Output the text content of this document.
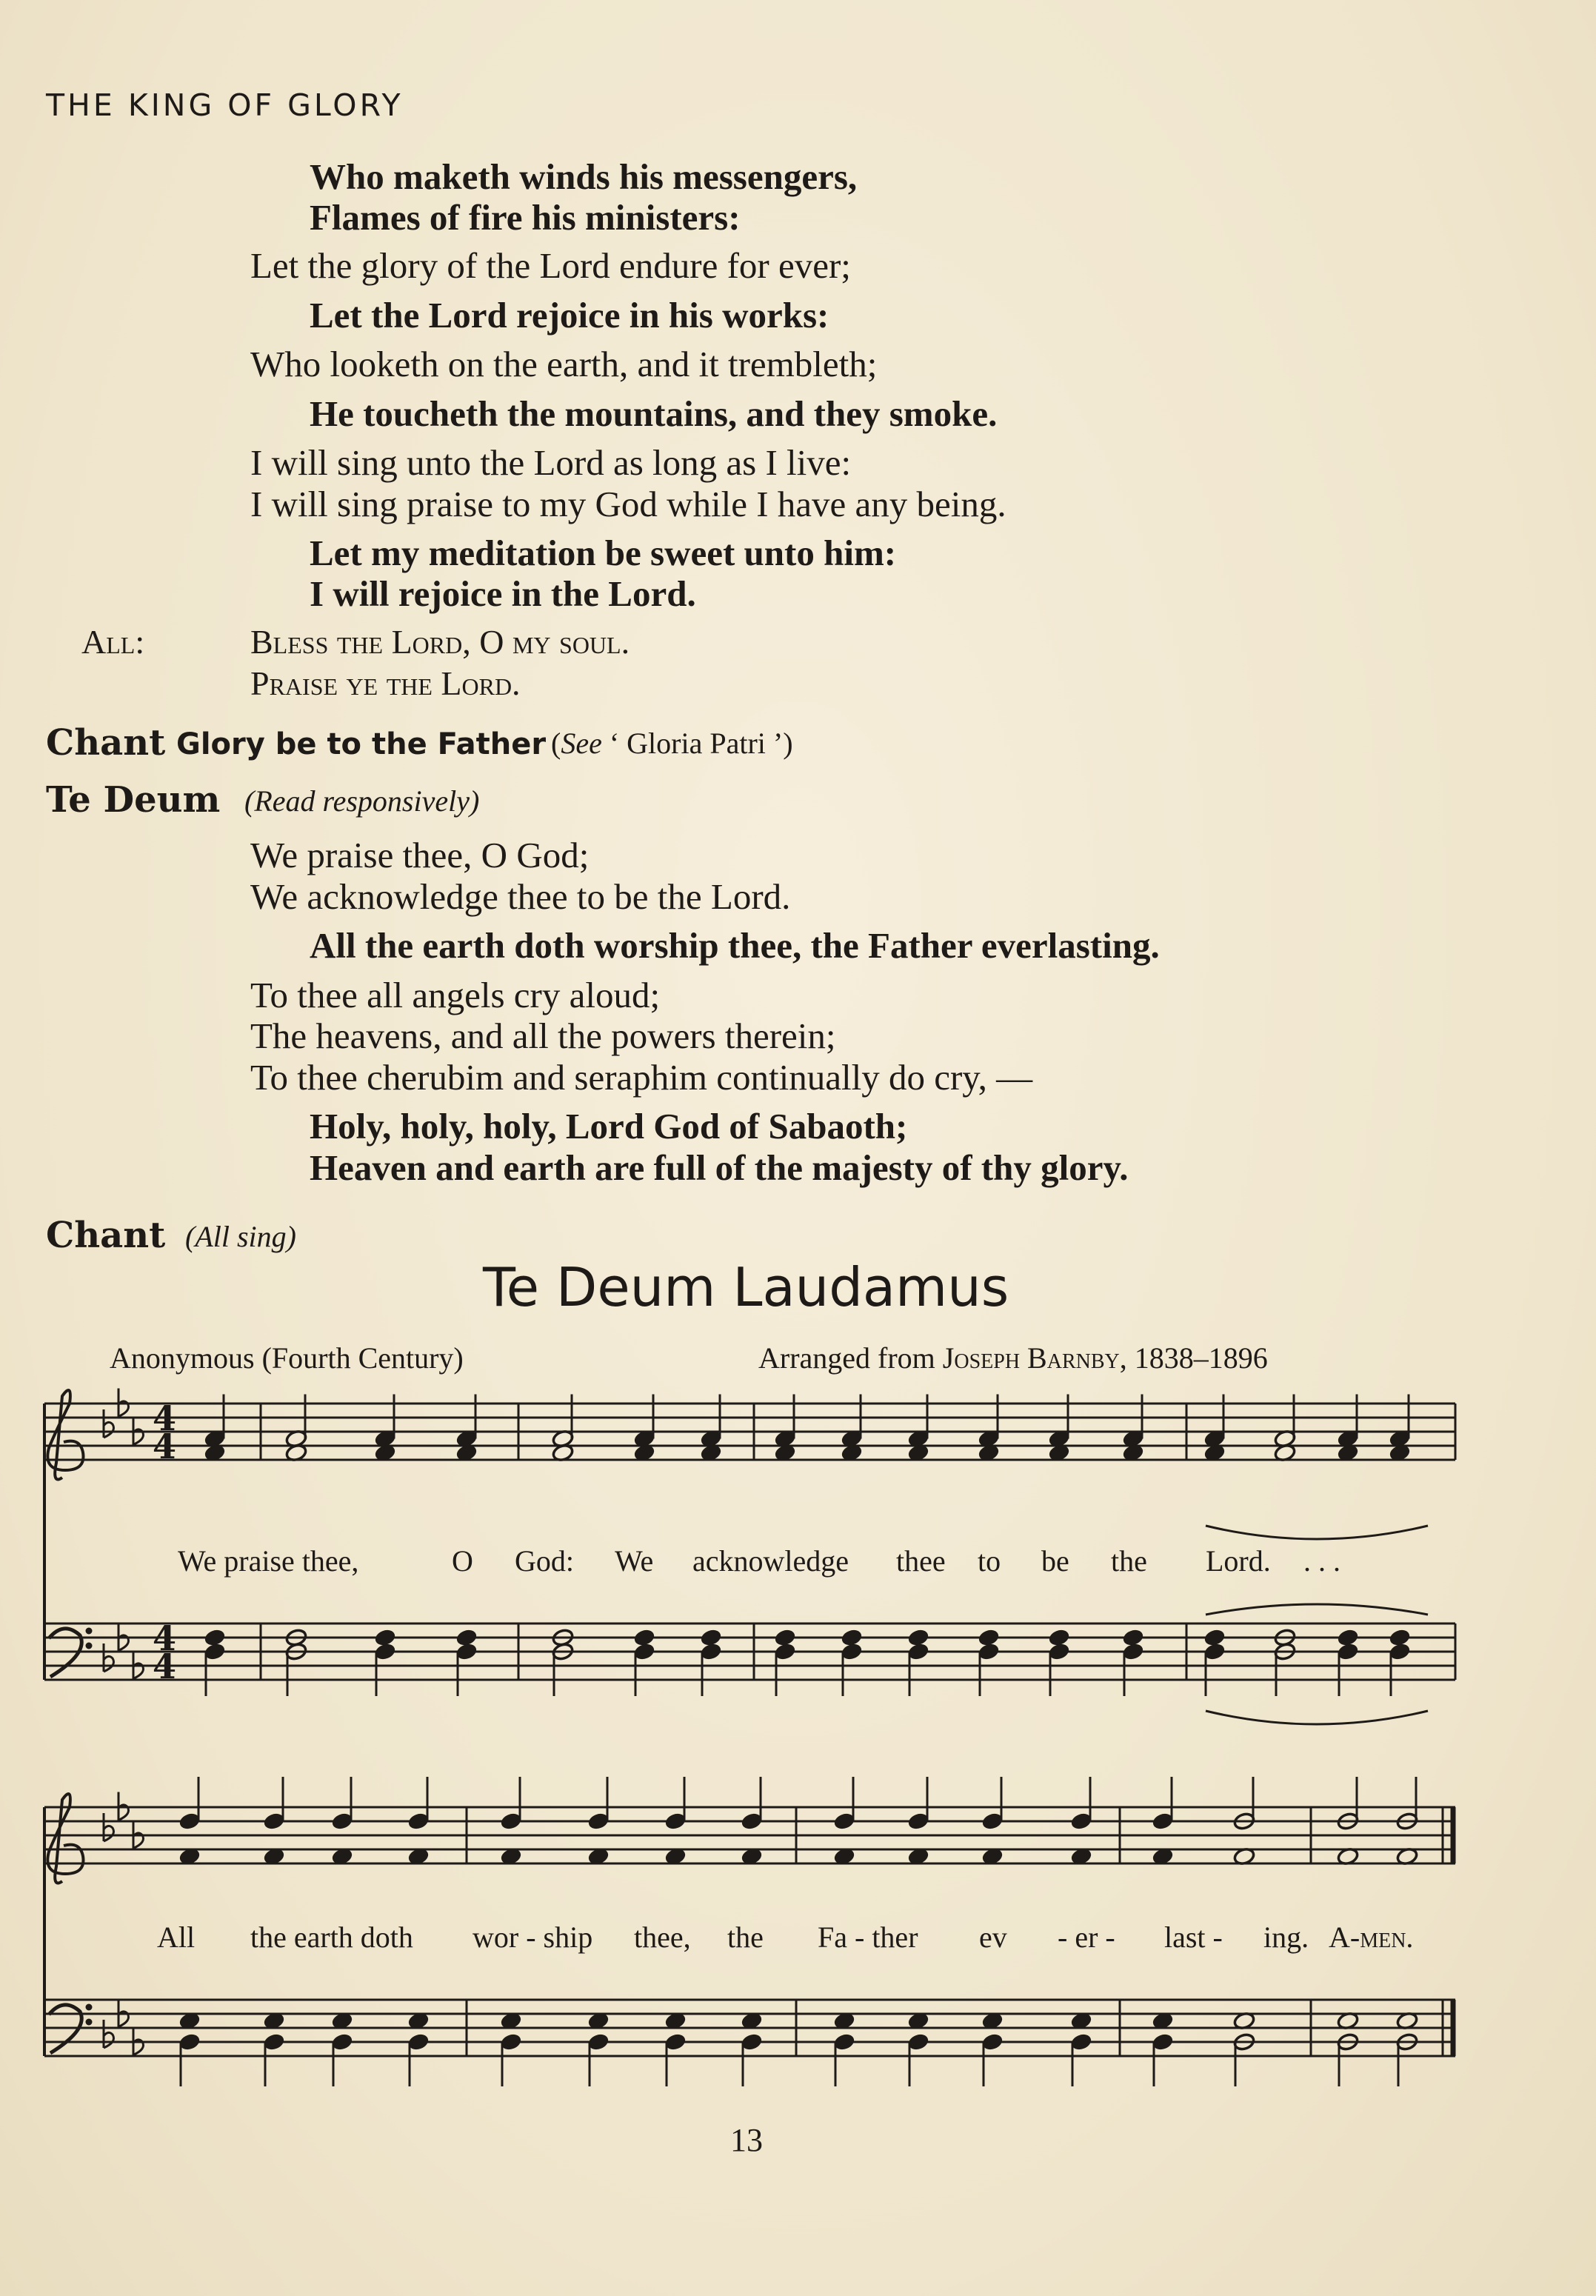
THE KING OF GLORY
Who maketh winds his messengers,
Flames of fire his ministers:
Let the glory of the Lord endure for ever;
Let the Lord rejoice in his works:
Who looketh on the earth, and it trembleth;
He toucheth the mountains, and they smoke.
I will sing unto the Lord as long as I live:
I will sing praise to my God while I have any being.
Let my meditation be sweet unto him:
I will rejoice in the Lord.
All:	Bless the Lord, O my soul.
Praise ye the Lord.
Chant Glory be to the Father (See ‘ Gloria Patri ’)
Te Deum (Read responsively)
We praise thee, O God;
We acknowledge thee to be the Lord.
All the earth doth worship thee, the Father everlasting.
To thee all angels cry aloud;
The heavens, and all the powers therein;
To thee cherubim and seraphim continually do cry, —
Holy, holy, holy, Lord God of Sabaoth;
Heaven and earth are full of the majesty of thy glory.
Chant (All sing)
Te Deum Laudamus
Anonymous (Fourth Century)	Arranged from Joseph Barnby, 1838–1896
4
4
4
4
We praise thee,	O God: We acknowledge thee to be the Lord. . . .
All the earth doth wor - ship thee, the Fa - ther ev - er - last - ing. A-men.
13
